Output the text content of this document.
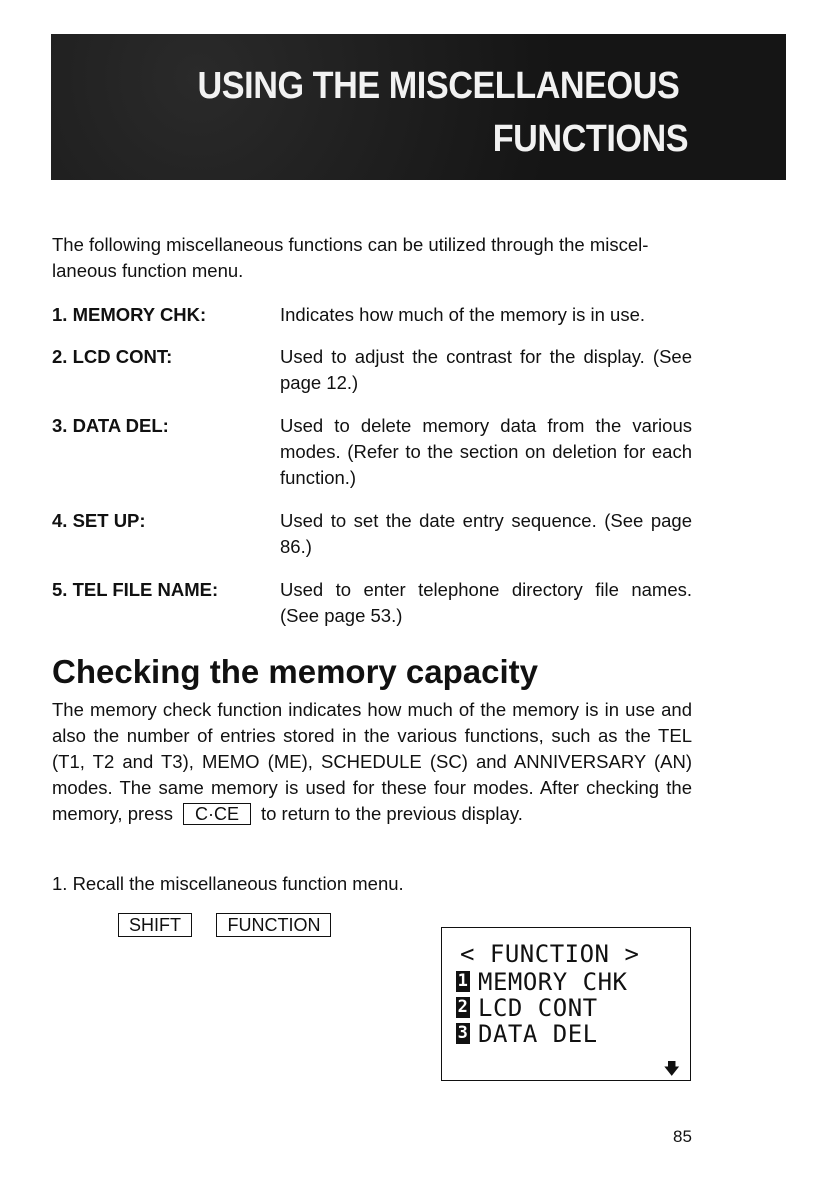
USING THE MISCELLANEOUS
FUNCTIONS

The following miscellaneous functions can be utilized through the miscellaneous function menu.

1. MEMORY CHK:	Indicates how much of the memory is in use.
2. LCD CONT:	Used to adjust the contrast for the display. (See page 12.)
3. DATA DEL:	Used to delete memory data from the various modes. (Refer to the section on deletion for each function.)
4. SET UP:	Used to set the date entry sequence. (See page 86.)
5. TEL FILE NAME:	Used to enter telephone directory file names. (See page 53.)
Checking the memory capacity

The memory check function indicates how much of the memory is in use and also the number of entries stored in the various functions, such as the TEL (T1, T2 and T3), MEMO (ME), SCHEDULE (SC) and ANNIVERSARY (AN) modes. The same memory is used for these four modes. After checking the memory, press C·CE to return to the previous display.

1. Recall the miscellaneous function menu.

SHIFT	FUNCTION
< FUNCTION >
1 MEMORY CHK
2 LCD CONT
3 DATA DEL
🡇

85
